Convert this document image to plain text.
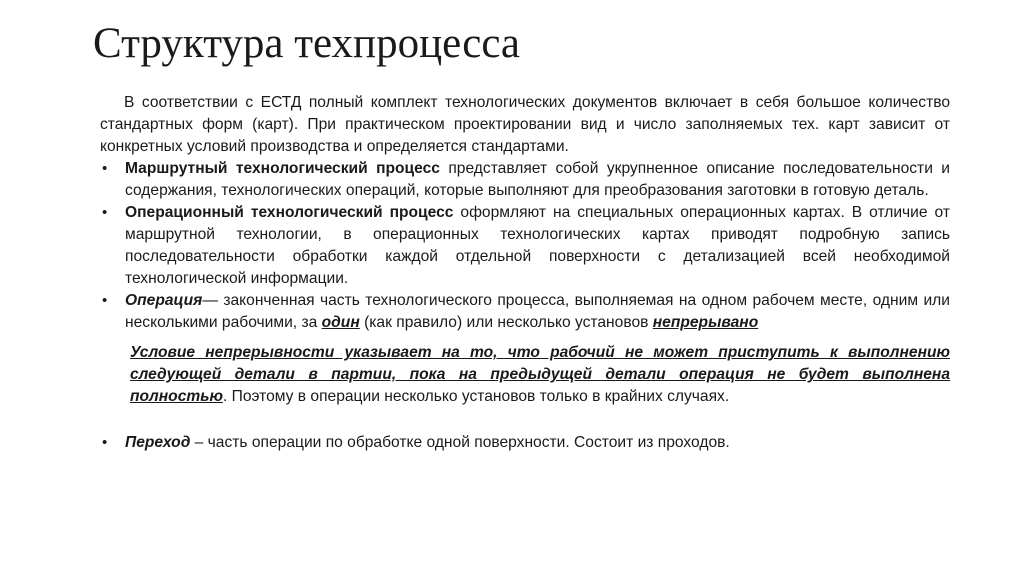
Структура техпроцесса

В соответствии с ЕСТД полный комплект технологических документов включает в себя большое количество стандартных форм (карт). При практическом проектировании вид и число заполняемых тех. карт зависит от конкретных условий производства и определяется стандартами.

•	Маршрутный технологический процесс представляет собой укрупненное описание последовательности и содержания, технологических операций, которые выполняют для преобразования заготовки в готовую деталь.

•	Операционный технологический процесс оформляют на специальных операционных картах. В отличие от маршрутной технологии, в операционных технологических картах приводят подробную запись последовательности обработки каждой отдельной поверхности с детализацией всей необходимой технологической информации.

•	Операция— законченная часть технологического процесса, выполняемая на одном рабочем месте, одним или несколькими рабочими, за один (как правило) или несколько установов непрерывано

Условие непрерывности указывает на то, что рабочий не может приступить к выполнению следующей детали в партии, пока на предыдущей детали операция не будет выполнена полностью. Поэтому в операции несколько установов только в крайних случаях.

•	Переход – часть операции по обработке одной поверхности. Состоит из проходов.
